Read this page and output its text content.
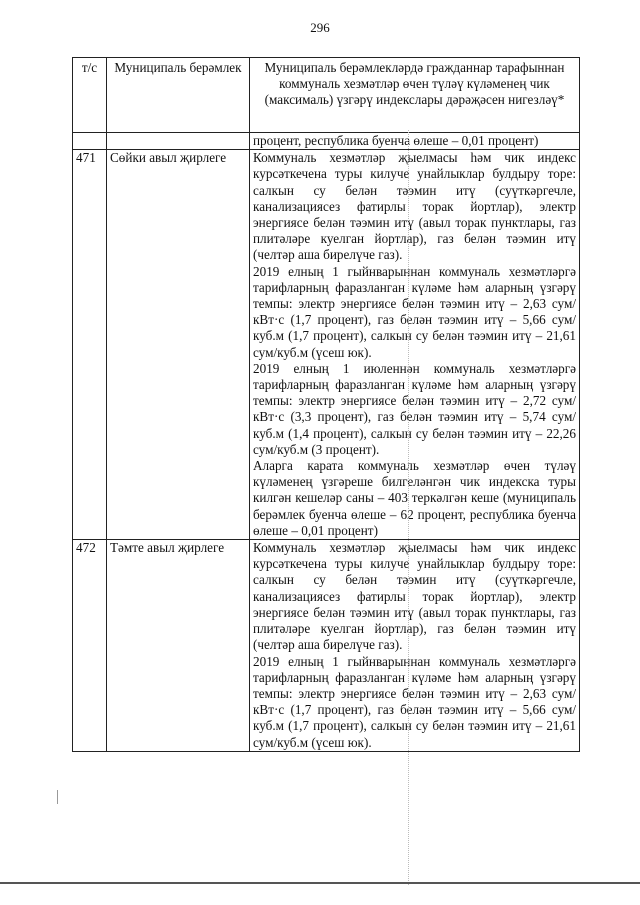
296
т/с	Муниципаль берәмлек	Муниципаль берәмлекләрдә гражданнар тарафыннан коммуналь хезмәтләр өчен түләү күләменең чик (максималь) үзгәрү индекслары дәрәҗәсен нигезләү*
		процент, республика буенча өлеше – 0,01 процент)
471	Сөйки авыл җирлеге	Коммуналь хезмәтләр җыелмасы һәм чик индекс курсәткечена туры килуче унайлыклар булдыру торе: салкын су белән тәэмин итү (суүткәргечле, канализациясез фатирлы торак йортлар), электр энергиясе белән тәэмин итү (авыл торак пунктлары, газ плитәләре куелган йортлар), газ белән тәэмин итү (челтәр аша бирелүче газ).
2019 елның 1 гыйнварыннан коммуналь хезмәтләргә тарифларның фаразланган күләме һәм аларның үзгәрү темпы: электр энергиясе белән тәэмин итү – 2,63 сум/кВт·с (1,7 процент), газ белән тәэмин итү – 5,66 сум/куб.м (1,7 процент), салкын су белән тәэмин итү – 21,61 сум/куб.м (үсеш юк).
2019 елның 1 июленнән коммуналь хезмәтләргә тарифларның фаразланган күләме һәм аларның үзгәрү темпы: электр энергиясе белән тәэмин итү – 2,72 сум/кВт·с (3,3 процент), газ белән тәэмин итү – 5,74 сум/куб.м (1,4 процент), салкын су белән тәэмин итү – 22,26 сум/куб.м (3 процент).
Аларга карата коммуналь хезмәтләр өчен түләү күләменең үзгәреше билгеләнгән чик индекска туры килгән кешеләр саны – 403 теркәлгән кеше (муниципаль берәмлек буенча өлеше – 62 процент, республика буенча өлеше – 0,01 процент)

472	Тәмте авыл җирлеге	Коммуналь хезмәтләр җыелмасы һәм чик индекс курсәткечена туры килуче унайлыклар булдыру торе: салкын су белән тәэмин итү (суүткәргечле, канализациясез фатирлы торак йортлар), электр энергиясе белән тәэмин итү (авыл торак пунктлары, газ плитәләре куелган йортлар), газ белән тәэмин итү (челтәр аша бирелүче газ).
2019 елның 1 гыйнварыннан коммуналь хезмәтләргә тарифларның фаразланган күләме һәм аларның үзгәрү темпы: электр энергиясе белән тәэмин итү – 2,63 сум/кВт·с (1,7 процент), газ белән тәэмин итү – 5,66 сум/куб.м (1,7 процент), салкын су белән тәэмин итү – 21,61 сум/куб.м (үсеш юк).
